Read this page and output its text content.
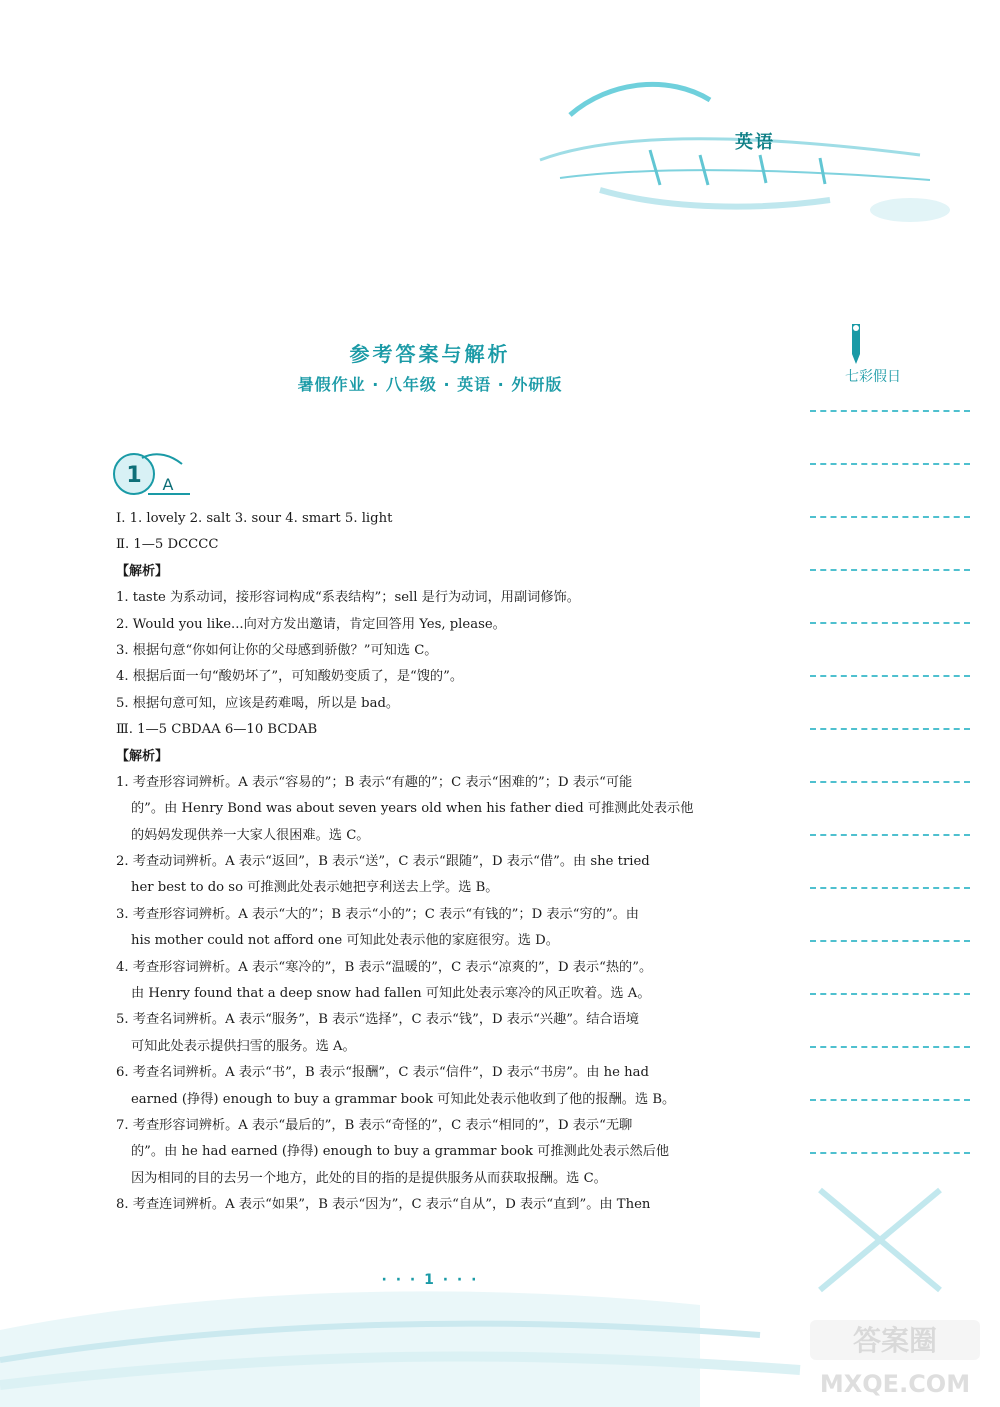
英语
参考答案与解析
暑假作业 · 八年级 · 英语 · 外研版	七彩假日
1 A
Ⅰ. 1. lovely 2. salt 3. sour 4. smart 5. light
Ⅱ. 1—5 DCCCC
【解析】
1. taste 为系动词，接形容词构成“系表结构”；sell 是行为动词，用副词修饰。
2. Would you like...向对方发出邀请，肯定回答用 Yes, please。
3. 根据句意“你如何让你的父母感到骄傲？”可知选 C。
4. 根据后面一句“酸奶坏了”，可知酸奶变质了，是“馊的”。
5. 根据句意可知，应该是药难喝，所以是 bad。
Ⅲ. 1—5 CBDAA 6—10 BCDAB
【解析】
1. 考查形容词辨析。A 表示“容易的”；B 表示“有趣的”；C 表示“困难的”；D 表示“可能
的”。由 Henry Bond was about seven years old when his father died 可推测此处表示他
的妈妈发现供养一大家人很困难。选 C。
2. 考查动词辨析。A 表示“返回”，B 表示“送”，C 表示“跟随”，D 表示“借”。由 she tried
her best to do so 可推测此处表示她把亨利送去上学。选 B。
3. 考查形容词辨析。A 表示“大的”；B 表示“小的”；C 表示“有钱的”；D 表示“穷的”。由
his mother could not afford one 可知此处表示他的家庭很穷。选 D。
4. 考查形容词辨析。A 表示“寒冷的”，B 表示“温暖的”，C 表示“凉爽的”，D 表示“热的”。
由 Henry found that a deep snow had fallen 可知此处表示寒冷的风正吹着。选 A。
5. 考查名词辨析。A 表示“服务”，B 表示“选择”，C 表示“钱”，D 表示“兴趣”。结合语境
可知此处表示提供扫雪的服务。选 A。
6. 考查名词辨析。A 表示“书”，B 表示“报酬”，C 表示“信件”，D 表示“书房”。由 he had
earned (挣得) enough to buy a grammar book 可知此处表示他收到了他的报酬。选 B。
7. 考查形容词辨析。A 表示“最后的”，B 表示“奇怪的”，C 表示“相同的”，D 表示“无聊
的”。由 he had earned (挣得) enough to buy a grammar book 可推测此处表示然后他
因为相同的目的去另一个地方，此处的目的指的是提供服务从而获取报酬。选 C。
8. 考查连词辨析。A 表示“如果”，B 表示“因为”，C 表示“自从”，D 表示“直到”。由 Then
· · · 1 · · ·
答案圈
MXQE.COM
